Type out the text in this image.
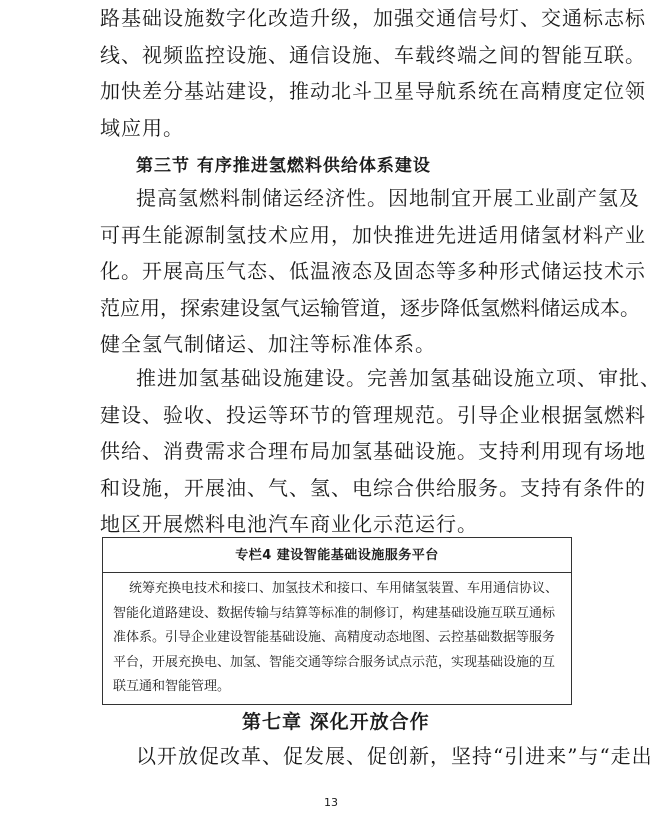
路基础设施数字化改造升级，加强交通信号灯、交通标志标
线、视频监控设施、通信设施、车载终端之间的智能互联。
加快差分基站建设，推动北斗卫星导航系统在高精度定位领
域应用。
第三节 有序推进氢燃料供给体系建设
提高氢燃料制储运经济性。因地制宜开展工业副产氢及
可再生能源制氢技术应用，加快推进先进适用储氢材料产业
化。开展高压气态、低温液态及固态等多种形式储运技术示
范应用，探索建设氢气运输管道，逐步降低氢燃料储运成本。
健全氢气制储运、加注等标准体系。
推进加氢基础设施建设。完善加氢基础设施立项、审批、
建设、验收、投运等环节的管理规范。引导企业根据氢燃料
供给、消费需求合理布局加氢基础设施。支持利用现有场地
和设施，开展油、气、氢、电综合供给服务。支持有条件的
地区开展燃料电池汽车商业化示范运行。
专栏4 建设智能基础设施服务平台
统筹充换电技术和接口、加氢技术和接口、车用储氢装置、车用通信协议、
智能化道路建设、数据传输与结算等标准的制修订，构建基础设施互联互通标
准体系。引导企业建设智能基础设施、高精度动态地图、云控基础数据等服务
平台，开展充换电、加氢、智能交通等综合服务试点示范，实现基础设施的互
联互通和智能管理。
第七章 深化开放合作
以开放促改革、促发展、促创新，坚持“引进来”与“走出
13
